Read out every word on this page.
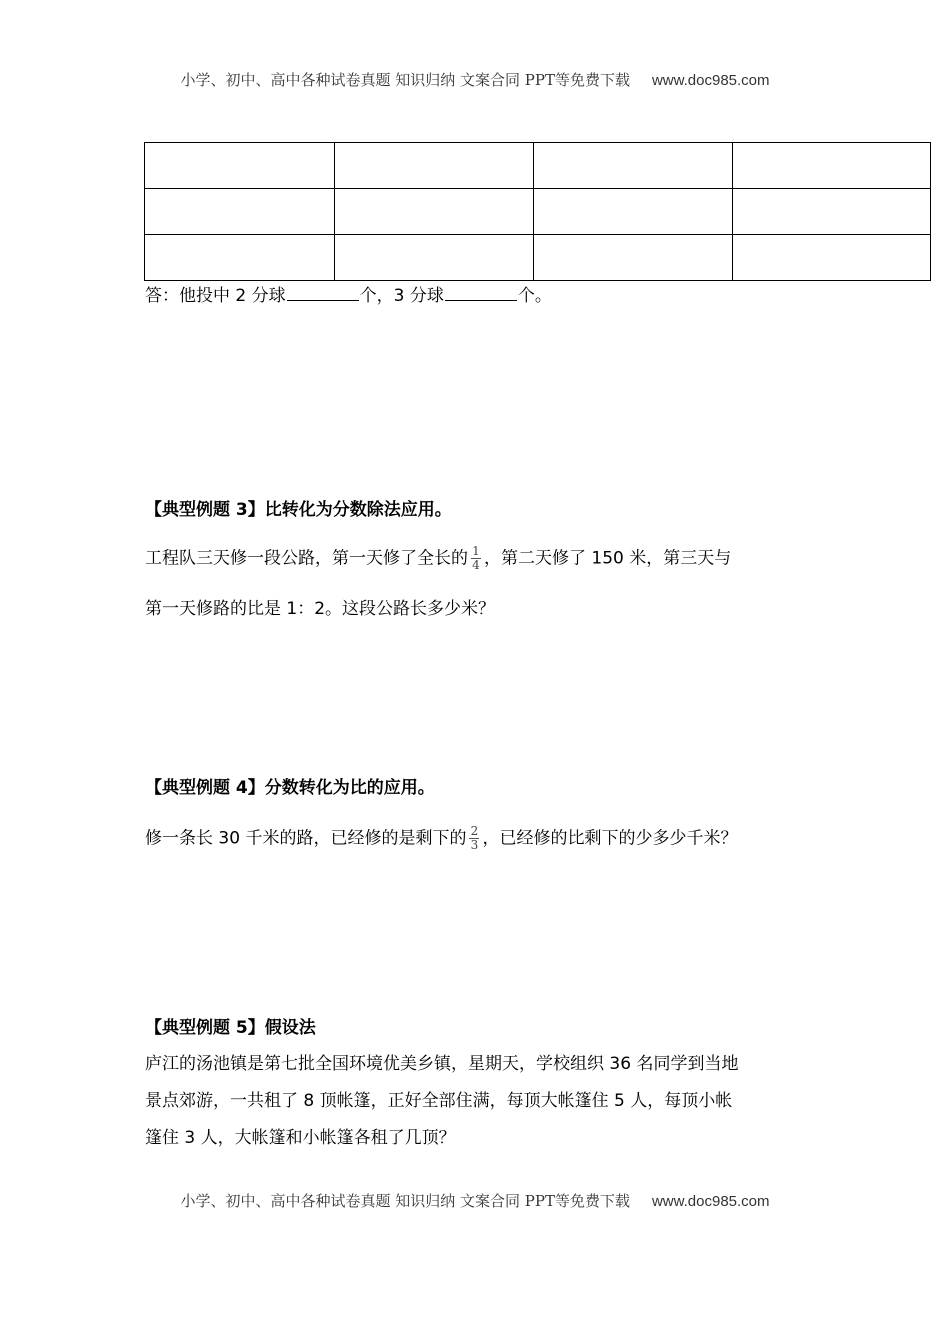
小学、初中、高中各种试卷真题 知识归纳 文案合同 PPT等免费下载 www.doc985.com

答：他投中 2 分球	个，3 分球	个。
【典型例题 3】比转化为分数除法应用。
工程队三天修一段公路，第一天修了全长的 $\frac{1}{4}$ ，第二天修了 150 米，第三天与
第一天修路的比是 1：2。这段公路长多少米？
【典型例题 4】分数转化为比的应用。
修一条长 30 千米的路，已经修的是剩下的 $\frac{2}{3}$ ，已经修的比剩下的少多少千米？
【典型例题 5】假设法
庐江的汤池镇是第七批全国环境优美乡镇，星期天，学校组织 36 名同学到当地
景点郊游，一共租了 8 顶帐篷，正好全部住满，每顶大帐篷住 5 人，每顶小帐
篷住 3 人，大帐篷和小帐篷各租了几顶？
小学、初中、高中各种试卷真题 知识归纳 文案合同 PPT等免费下载 www.doc985.com
